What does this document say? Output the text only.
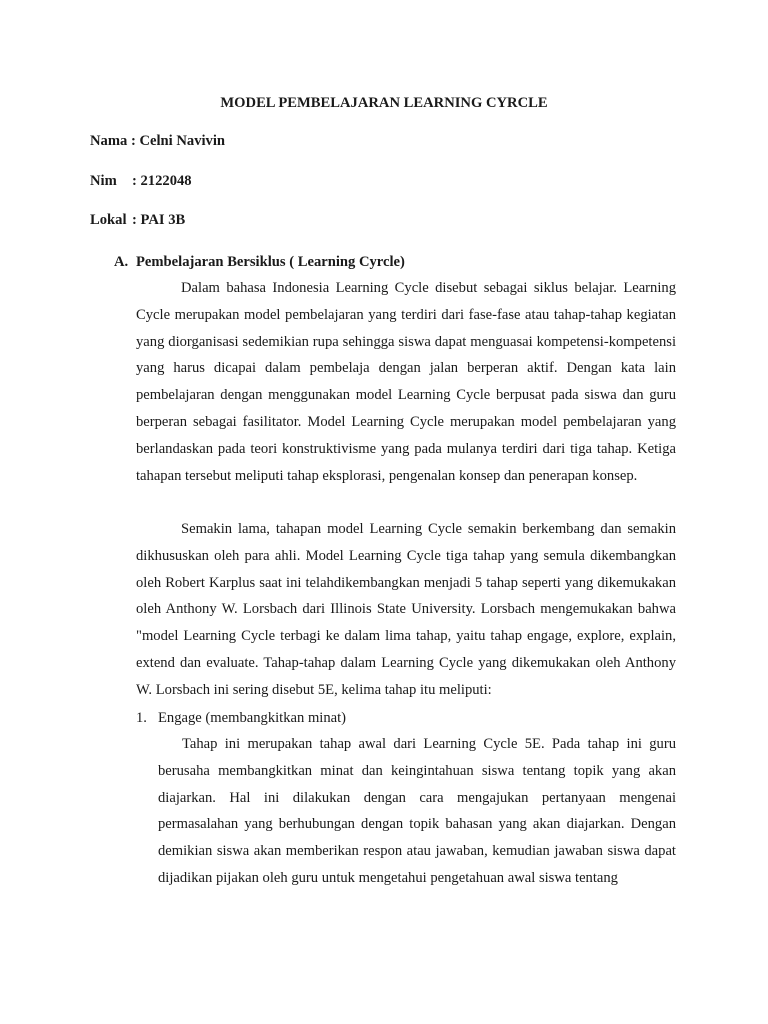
MODEL PEMBELAJARAN LEARNING CYRCLE
Nama : Celni Navivin
Nim : 2122048
Lokal : PAI 3B
A. Pembelajaran Bersiklus ( Learning Cyrcle)

Dalam bahasa Indonesia Learning Cycle disebut sebagai siklus belajar. Learning Cycle merupakan model pembelajaran yang terdiri dari fase-fase atau tahap-tahap kegiatan yang diorganisasi sedemikian rupa sehingga siswa dapat menguasai kompetensi-kompetensi yang harus dicapai dalam pembelaja dengan jalan berperan aktif. Dengan kata lain pembelajaran dengan menggunakan model Learning Cycle berpusat pada siswa dan guru berperan sebagai fasilitator. Model Learning Cycle merupakan model pembelajaran yang berlandaskan pada teori konstruktivisme yang pada mulanya terdiri dari tiga tahap. Ketiga tahapan tersebut meliputi tahap eksplorasi, pengenalan konsep dan penerapan konsep.

Semakin lama, tahapan model Learning Cycle semakin berkembang dan semakin dikhususkan oleh para ahli. Model Learning Cycle tiga tahap yang semula dikembangkan oleh Robert Karplus saat ini telahdikembangkan menjadi 5 tahap seperti yang dikemukakan oleh Anthony W. Lorsbach dari Illinois State University. Lorsbach mengemukakan bahwa "model Learning Cycle terbagi ke dalam lima tahap, yaitu tahap engage, explore, explain, extend dan evaluate. Tahap-tahap dalam Learning Cycle yang dikemukakan oleh Anthony W. Lorsbach ini sering disebut 5E, kelima tahap itu meliputi:

1. Engage (membangkitkan minat)

Tahap ini merupakan tahap awal dari Learning Cycle 5E. Pada tahap ini guru berusaha membangkitkan minat dan keingintahuan siswa tentang topik yang akan diajarkan. Hal ini dilakukan dengan cara mengajukan pertanyaan mengenai permasalahan yang berhubungan dengan topik bahasan yang akan diajarkan. Dengan demikian siswa akan memberikan respon atau jawaban, kemudian jawaban siswa dapat dijadikan pijakan oleh guru untuk mengetahui pengetahuan awal siswa tentang
